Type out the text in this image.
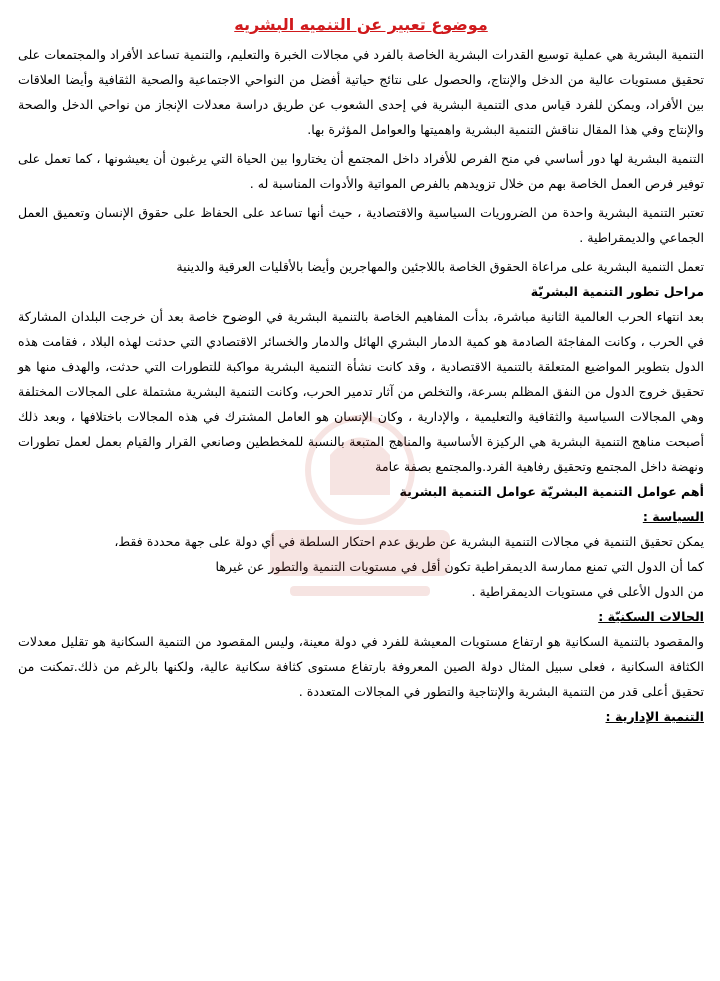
موضوع تعبير عن التنميه البشريه

التنمية البشرية هي عملية توسيع القدرات البشرية الخاصة بالفرد في مجالات الخبرة والتعليم، والتنمية تساعد الأفراد والمجتمعات على تحقيق مستويات عالية من الدخل والإنتاج، والحصول على نتائج حياتية أفضل من النواحي الاجتماعية والصحية الثقافية وأيضا العلاقات بين الأفراد، ويمكن للفرد قياس مدى التنمية البشرية في إحدى الشعوب عن طريق دراسة معدلات الإنجاز من نواحي الدخل والصحة والإنتاج وفي هذا المقال نناقش التنمية البشرية واهميتها والعوامل المؤثرة بها.

التنمية البشرية لها دور أساسي في منح الفرص للأفراد داخل المجتمع أن يختاروا بين الحياة التي يرغبون أن يعيشونها ، كما تعمل على توفير فرص العمل الخاصة بهم من خلال تزويدهم بالفرص المواتية والأدوات المناسبة له .

تعتبر التنمية البشرية واحدة من الضروريات السياسية والاقتصادية ، حيث أنها تساعد على الحفاظ على حقوق الإنسان وتعميق العمل الجماعي والديمقراطية .

تعمل التنمية البشرية على مراعاة الحقوق الخاصة باللاجئين والمهاجرين وأيضا بالأقليات العرقية والدينية

مراحل تطور التنمية البشريّة

بعد انتهاء الحرب العالمية الثانية مباشرة، بدأت المفاهيم الخاصة بالتنمية البشرية في الوضوح خاصة بعد أن خرجت البلدان المشاركة في الحرب ، وكانت المفاجئة الصادمة هو كمية الدمار البشري الهائل والدمار والخسائر الاقتصادي التي حدثت لهذه البلاد ، فقامت هذه الدول بتطوير المواضيع المتعلقة بالتنمية الاقتصادية ، وقد كانت نشأة التنمية البشرية مواكبة للتطورات التي حدثت، والهدف منها هو تحقيق خروج الدول من النفق المظلم بسرعة، والتخلص من آثار تدمير الحرب، وكانت التنمية البشرية مشتملة على المجالات المختلفة وهي المجالات السياسية والثقافية والتعليمية ، والإدارية ، وكان الإنسان هو العامل المشترك في هذه المجالات باختلافها ، وبعد ذلك أصبحت مناهج التنمية البشرية هي الركيزة الأساسية والمناهج المتبعة بالنسبة للمخططين وصانعي القرار والقيام بعمل لعمل تطورات ونهضة داخل المجتمع وتحقيق رفاهية الفرد.والمجتمع بصفة عامة

أهم عوامل التنمية البشريّة عوامل التنمية البشرية
السياسة :
يمكن تحقيق التنمية في مجالات التنمية البشرية عن طريق عدم احتكار السلطة في أي دولة على جهة محددة فقط،
كما أن الدول التي تمنع ممارسة الديمقراطية تكون أقل في مستويات التنمية والتطور عن غيرها
من الدول الأعلى في مستويات الديمقراطية .
الحالات السكنيّة :

والمقصود بالتنمية السكانية هو ارتفاع مستويات المعيشة للفرد في دولة معينة، وليس المقصود من التنمية السكانية هو تقليل معدلات الكثافة السكانية ، فعلى سبيل المثال دولة الصين المعروفة بارتفاع مستوى كثافة سكانية عالية، ولكنها بالرغم من ذلك.تمكنت من تحقيق أعلى قدر من التنمية البشرية والإنتاجية والتطور في المجالات المتعددة .

التنمية الإدارية :
